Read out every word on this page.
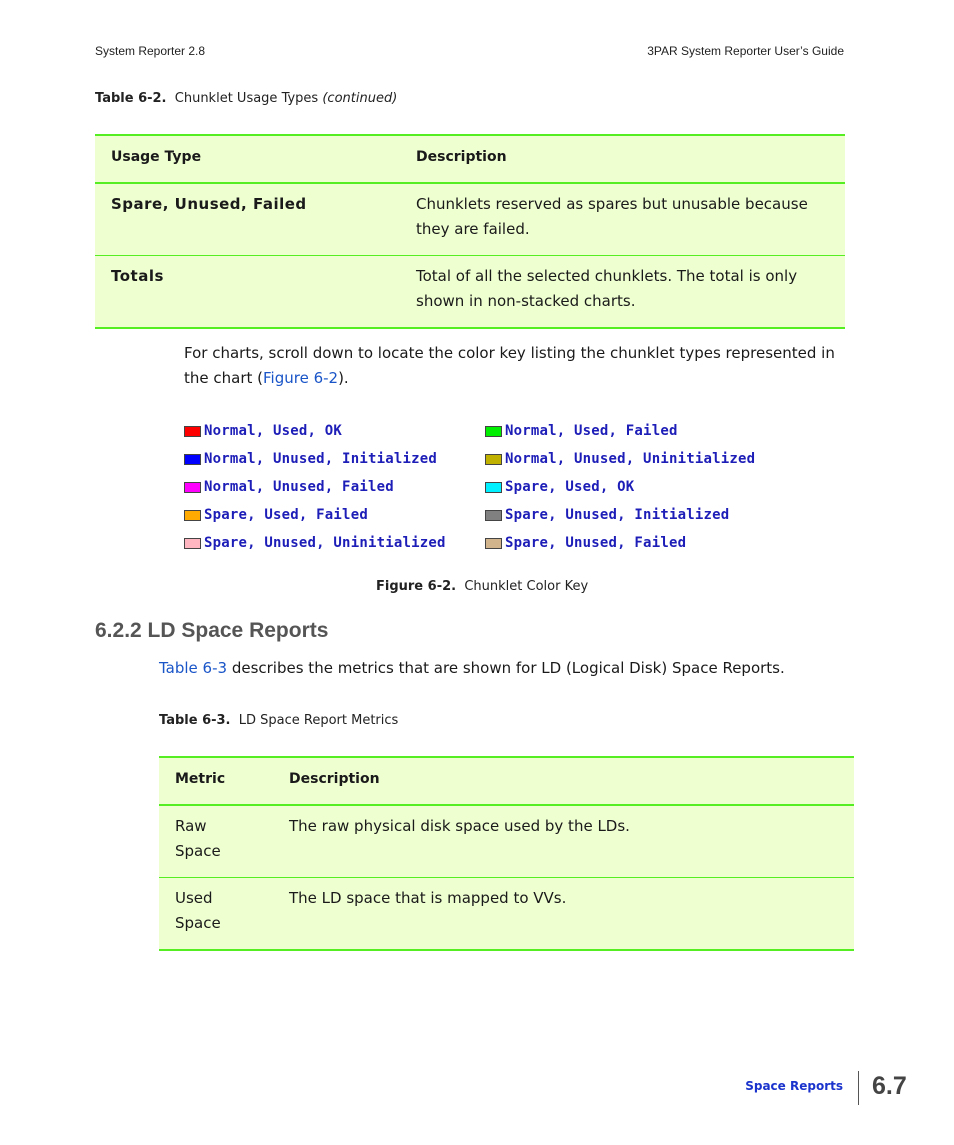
System Reporter 2.8	3PAR System Reporter User’s Guide
Table 6-2. Chunklet Usage Types (continued)
Usage Type	Description
Spare, Unused, Failed	Chunklets reserved as spares but unusable because they are failed.
Totals	Total of all the selected chunklets. The total is only shown in non-stacked charts.
For charts, scroll down to locate the color key listing the chunklet types represented in the chart (Figure 6-2).
Normal, Used, OK	Normal, Used, Failed
Normal, Unused, Initialized	Normal, Unused, Uninitialized
Normal, Unused, Failed	Spare, Used, OK
Spare, Used, Failed	Spare, Unused, Initialized
Spare, Unused, Uninitialized	Spare, Unused, Failed
Figure 6-2. Chunklet Color Key
6.2.2 LD Space Reports
Table 6-3 describes the metrics that are shown for LD (Logical Disk) Space Reports.
Table 6-3. LD Space Report Metrics
Metric	Description
Raw Space	The raw physical disk space used by the LDs.
Used Space	The LD space that is mapped to VVs.
Space Reports 6.7
